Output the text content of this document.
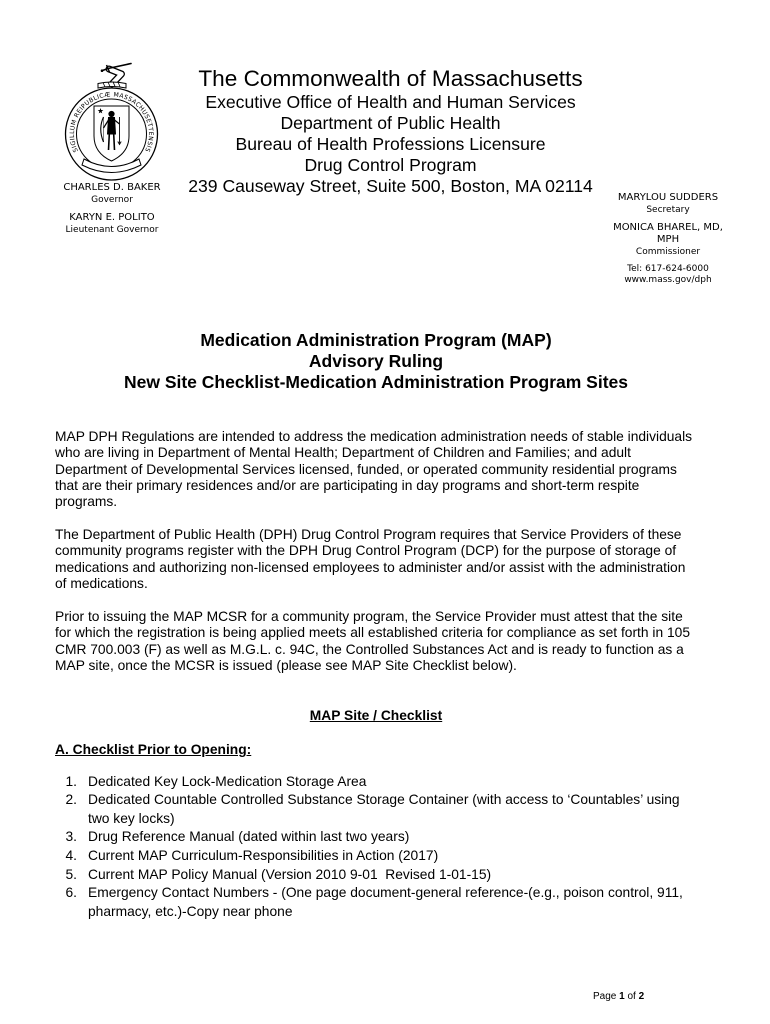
SIGILLUM REIPUBLICÆ MASSACHUSETTENSIS
The Commonwealth of Massachusetts
Executive Office of Health and Human Services
Department of Public Health
Bureau of Health Professions Licensure
Drug Control Program
239 Causeway Street, Suite 500, Boston, MA 02114
CHARLES D. BAKER
Governor
KARYN E. POLITO
Lieutenant Governor
MARYLOU SUDDERS
Secretary
MONICA BHAREL, MD,
MPH
Commissioner
Tel: 617-624-6000
www.mass.gov/dph
Medication Administration Program (MAP)
Advisory Ruling
New Site Checklist-Medication Administration Program Sites
MAP DPH Regulations are intended to address the medication administration needs of stable individuals
who are living in Department of Mental Health; Department of Children and Families; and adult
Department of Developmental Services licensed, funded, or operated community residential programs
that are their primary residences and/or are participating in day programs and short-term respite
programs.
The Department of Public Health (DPH) Drug Control Program requires that Service Providers of these
community programs register with the DPH Drug Control Program (DCP) for the purpose of storage of
medications and authorizing non-licensed employees to administer and/or assist with the administration
of medications.
Prior to issuing the MAP MCSR for a community program, the Service Provider must attest that the site
for which the registration is being applied meets all established criteria for compliance as set forth in 105
CMR 700.003 (F) as well as M.G.L. c. 94C, the Controlled Substances Act and is ready to function as a
MAP site, once the MCSR is issued (please see MAP Site Checklist below).
MAP Site / Checklist
A. Checklist Prior to Opening:
1. Dedicated Key Lock-Medication Storage Area
2. Dedicated Countable Controlled Substance Storage Container (with access to ‘Countables’ using
two key locks)
3. Drug Reference Manual (dated within last two years)
4. Current MAP Curriculum-Responsibilities in Action (2017)
5. Current MAP Policy Manual (Version 2010 9-01  Revised 1-01-15)
6. Emergency Contact Numbers - (One page document-general reference-(e.g., poison control, 911,
pharmacy, etc.)-Copy near phone
Page 1 of 2
